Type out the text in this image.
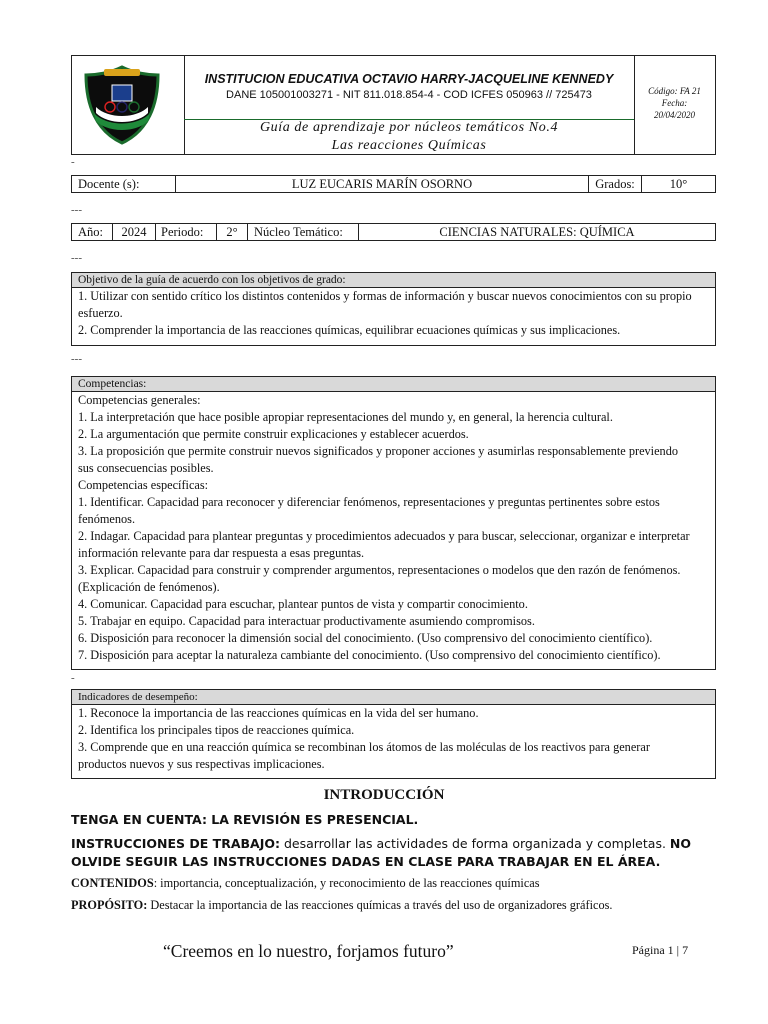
INSTITUCION EDUCATIVA OCTAVIO HARRY-JACQUELINE KENNEDY
DANE 105001003271 - NIT 811.018.854-4 - COD ICFES 050963 // 725473
Guía de aprendizaje por núcleos temáticos No.4
Las reacciones Químicas
Código: FA 21
Fecha:
20/04/2020
-
Docente (s):	LUZ EUCARIS MARÍN OSORNO	Grados:	10°
---
Año:	2024	Periodo:	2°	Núcleo Temático:	CIENCIAS NATURALES: QUÍMICA
---
Objetivo de la guía de acuerdo con los objetivos de grado:

1. Utilizar con sentido crítico los distintos contenidos y formas de información y buscar nuevos conocimientos con su propio

esfuerzo.

2. Comprender la importancia de las reacciones químicas, equilibrar ecuaciones químicas y sus implicaciones.

---
Competencias:

Competencias generales:

1. La interpretación que hace posible apropiar representaciones del mundo y, en general, la herencia cultural.

2. La argumentación que permite construir explicaciones y establecer acuerdos.

3. La proposición que permite construir nuevos significados y proponer acciones y asumirlas responsablemente previendo

sus consecuencias posibles.

Competencias específicas:

1. Identificar. Capacidad para reconocer y diferenciar fenómenos, representaciones y preguntas pertinentes sobre estos

fenómenos.

2. Indagar. Capacidad para plantear preguntas y procedimientos adecuados y para buscar, seleccionar, organizar e interpretar

información relevante para dar respuesta a esas preguntas.

3. Explicar. Capacidad para construir y comprender argumentos, representaciones o modelos que den razón de fenómenos.

(Explicación de fenómenos).

4. Comunicar. Capacidad para escuchar, plantear puntos de vista y compartir conocimiento.

5. Trabajar en equipo. Capacidad para interactuar productivamente asumiendo compromisos.

6. Disposición para reconocer la dimensión social del conocimiento. (Uso comprensivo del conocimiento científico).

7. Disposición para aceptar la naturaleza cambiante del conocimiento. (Uso comprensivo del conocimiento científico).

-
Indicadores de desempeño:

1. Reconoce la importancia de las reacciones químicas en la vida del ser humano.

2. Identifica los principales tipos de reacciones química.

3. Comprende que en una reacción química se recombinan los átomos de las moléculas de los reactivos para generar

productos nuevos y sus respectivas implicaciones.

INTRODUCCIÓN
TENGA EN CUENTA: LA REVISIÓN ES PRESENCIAL.
INSTRUCCIONES DE TRABAJO: desarrollar las actividades de forma organizada y completas. NO
OLVIDE SEGUIR LAS INSTRUCCIONES DADAS EN CLASE PARA TRABAJAR EN EL ÁREA.
CONTENIDOS: importancia, conceptualización, y reconocimiento de las reacciones químicas
PROPÓSITO: Destacar la importancia de las reacciones químicas a través del uso de organizadores gráficos.
“Creemos en lo nuestro, forjamos futuro”	Página 1 | 7
